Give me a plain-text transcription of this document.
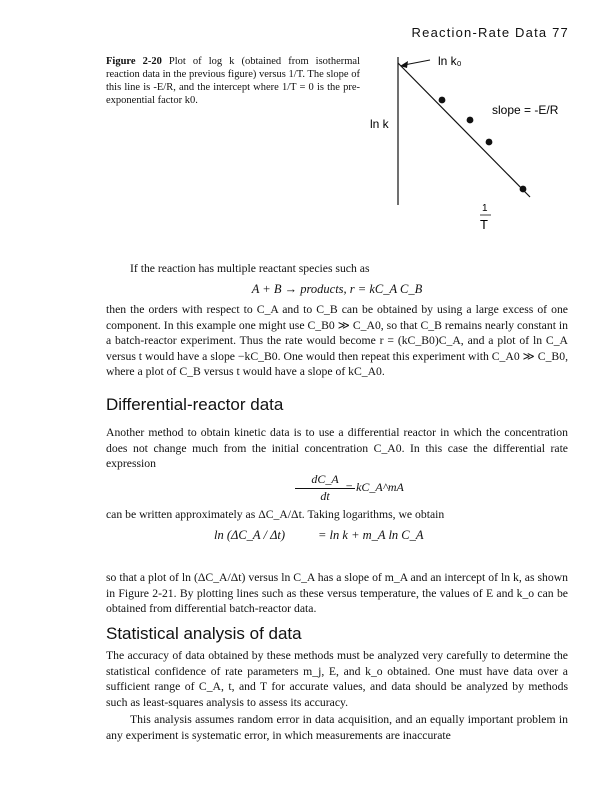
Reaction-Rate Data 77
Figure 2-20 Plot of log k (obtained from isothermal reaction data in the previous figure) versus 1/T. The slope of this line is -E/R, and the intercept where 1/T = 0 is the pre-exponential factor k0.
ln k₀
slope = -E/R
ln k
1
T
If the reaction has multiple reactant species such as
A + B → products, r = kC_A C_B
then the orders with respect to C_A and to C_B can be obtained by using a large excess of one component. In this example one might use C_B0 ≫ C_A0, so that C_B remains nearly constant in a batch-reactor experiment. Thus the rate would become r = (kC_B0)C_A, and a plot of ln C_A versus t would have a slope −kC_B0. One would then repeat this experiment with C_A0 ≫ C_B0, where a plot of C_B versus t would have a slope of kC_A0.
Differential-reactor data
Another method to obtain kinetic data is to use a differential reactor in which the concentration does not change much from the initial concentration C_A0. In this case the differential rate expression
$\frac{dC\_A}{dt}$
= kC_A^mA
can be written approximately as ΔC_A/Δt. Taking logarithms, we obtain
ln (ΔC_A / Δt)	= ln k + m_A ln C_A
so that a plot of ln (ΔC_A/Δt) versus ln C_A has a slope of m_A and an intercept of ln k, as shown in Figure 2-21. By plotting lines such as these versus temperature, the values of E and k_o can be obtained from differential batch-reactor data.
Statistical analysis of data
The accuracy of data obtained by these methods must be analyzed very carefully to determine the statistical confidence of rate parameters m_j, E, and k_o obtained. One must have data over a sufficient range of C_A, t, and T for accurate values, and data should be analyzed by methods such as least-squares analysis to assess its accuracy.
This analysis assumes random error in data acquisition, and an equally important problem in any experiment is systematic error, in which measurements are inaccurate
